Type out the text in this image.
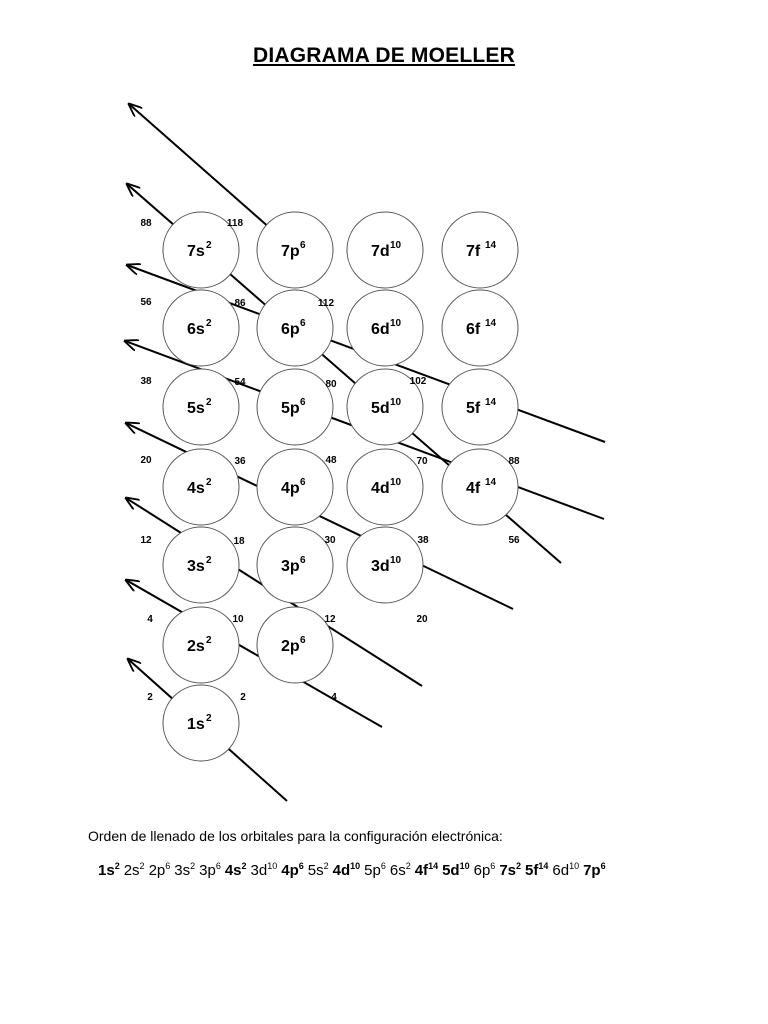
DIAGRAMA DE MOELLER
1s 2
2s 2	2p 6
3s 2	3p 6	3d 10
4s 2	4p 6	4d 10	4f 14
5s 2	5p 6	5d 10	5f 14
6s 2	6p 6	6d 10	6f 14
7s 2	7p 6	7d 10	7f 14
2
4
12
20
38
56
88
2
10
18
36
54
86
118
4
12
30
48
80
112
20
38
70
102
56
88
Orden de llenado de los orbitales para la configuración electrónica:
$1s^2$ $2s^2$ $2p^6$ $3s^2$ $3p^6$ $4s^2$ $3d^{10}$ $4p^6$ $5s^2$ $4d^{10}$ $5p^6$ $6s^2$ $4f^{14}$ $5d^{10}$ $6p^6$ $7s^2$ $5f^{14}$ $6d^{10}$ $7p^6$
